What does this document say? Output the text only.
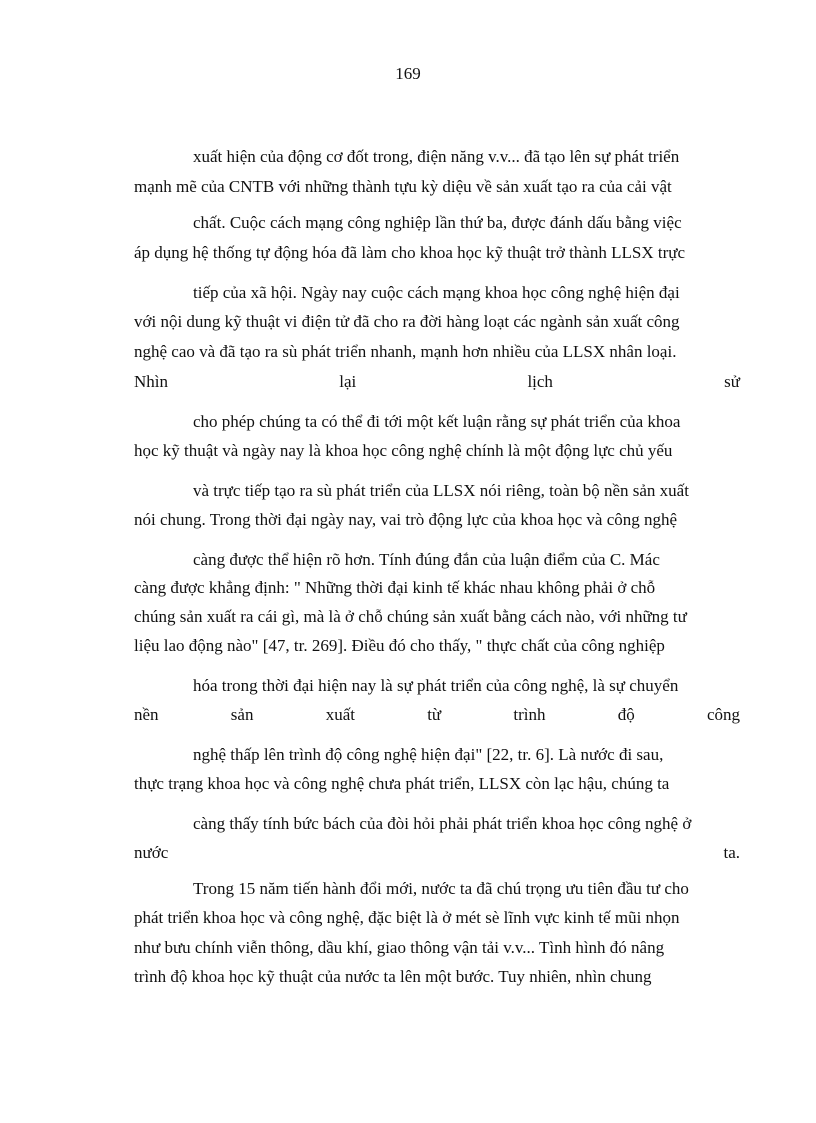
169
xuất hiện của động cơ đốt trong, điện năng v.v... đã tạo lên sự phát triển
mạnh mẽ của CNTB với những thành tựu kỳ diệu về sản xuất tạo ra của cải vật
chất. Cuộc cách mạng công nghiệp lần thứ ba, được đánh dấu bằng việc
áp dụng hệ thống tự động hóa đã làm cho khoa học kỹ thuật trở thành LLSX trực
tiếp của xã hội. Ngày nay cuộc cách mạng khoa học công nghệ hiện đại
với nội dung kỹ thuật vi điện tử đã cho ra đời hàng loạt các ngành sản xuất công
nghệ cao và đã tạo ra sù phát triển nhanh, mạnh hơn nhiều của LLSX nhân loại.
Nhìn	lại	lịch	sử
cho phép chúng ta có thể đi tới một kết luận rằng sự phát triển của khoa
học kỹ thuật và ngày nay là khoa học công nghệ chính là một động lực chủ yếu
và trực tiếp tạo ra sù phát triển của LLSX nói riêng, toàn bộ nền sản xuất
nói chung. Trong thời đại ngày nay, vai trò động lực của khoa học và công nghệ
càng được thể hiện rõ hơn. Tính đúng đắn của luận điểm của C. Mác
càng được khẳng định: " Những thời đại kinh tế khác nhau không phải ở chỗ
chúng sản xuất ra cái gì, mà là ở chỗ chúng sản xuất bằng cách nào, với những tư
liệu lao động nào" [47, tr. 269]. Điều đó cho thấy, " thực chất của công nghiệp
hóa trong thời đại hiện nay là sự phát triển của công nghệ, là sự chuyển
nền	sản	xuất	từ	trình	độ	công
nghệ thấp lên trình độ công nghệ hiện đại" [22, tr. 6]. Là nước đi sau,
thực trạng khoa học và công nghệ chưa phát triển, LLSX còn lạc hậu, chúng ta
càng thấy tính bức bách của đòi hỏi phải phát triển khoa học công nghệ ở
nước	ta.
Trong 15 năm tiến hành đổi mới, nước ta đã chú trọng ưu tiên đầu tư cho
phát triển khoa học và công nghệ, đặc biệt là ở mét sè lĩnh vực kinh tế mũi nhọn
như bưu chính viễn thông, dầu khí, giao thông vận tải v.v... Tình hình đó nâng
trình độ khoa học kỹ thuật của nước ta lên một bước. Tuy nhiên, nhìn chung
